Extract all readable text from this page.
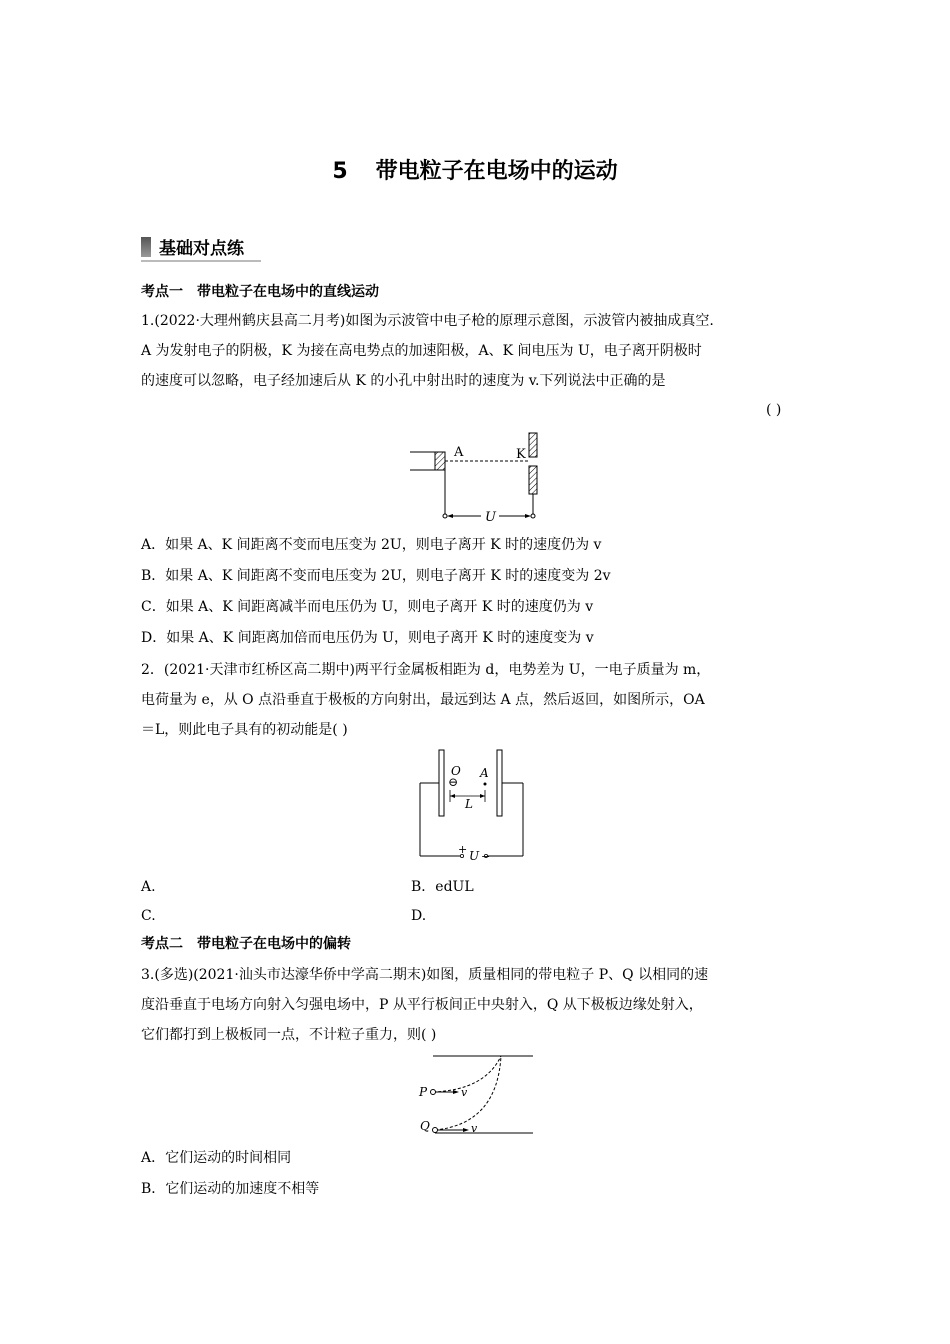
5 带电粒子在电场中的运动
基础对点练
考点一 带电粒子在电场中的直线运动
1.(2022·大理州鹤庆县高二月考)如图为示波管中电子枪的原理示意图，示波管内被抽成真空.
A 为发射电子的阴极，K 为接在高电势点的加速阳极，A、K 间电压为 U，电子离开阴极时
的速度可以忽略，电子经加速后从 K 的小孔中射出时的速度为 v.下列说法中正确的是
( )
A	K
U
A．如果 A、K 间距离不变而电压变为 2U，则电子离开 K 时的速度仍为 v
B．如果 A、K 间距离不变而电压变为 2U，则电子离开 K 时的速度变为 2v
C．如果 A、K 间距离减半而电压仍为 U，则电子离开 K 时的速度仍为 v
D．如果 A、K 间距离加倍而电压仍为 U，则电子离开 K 时的速度变为 v
2．(2021·天津市红桥区高二期中)两平行金属板相距为 d，电势差为 U，一电子质量为 m，
电荷量为 e，从 O 点沿垂直于极板的方向射出，最远到达 A 点，然后返回，如图所示，OA
＝L，则此电子具有的初动能是( )
O
⊖
A
L
+ U −
A.	B．edUL
C.	D.
考点二 带电粒子在电场中的偏转
3.(多选)(2021·汕头市达濠华侨中学高二期末)如图，质量相同的带电粒子 P、Q 以相同的速
度沿垂直于电场方向射入匀强电场中，P 从平行板间正中央射入，Q 从下极板边缘处射入，
它们都打到上极板同一点，不计粒子重力，则( )
P
Q
v
v
A．它们运动的时间相同
B．它们运动的加速度不相等
